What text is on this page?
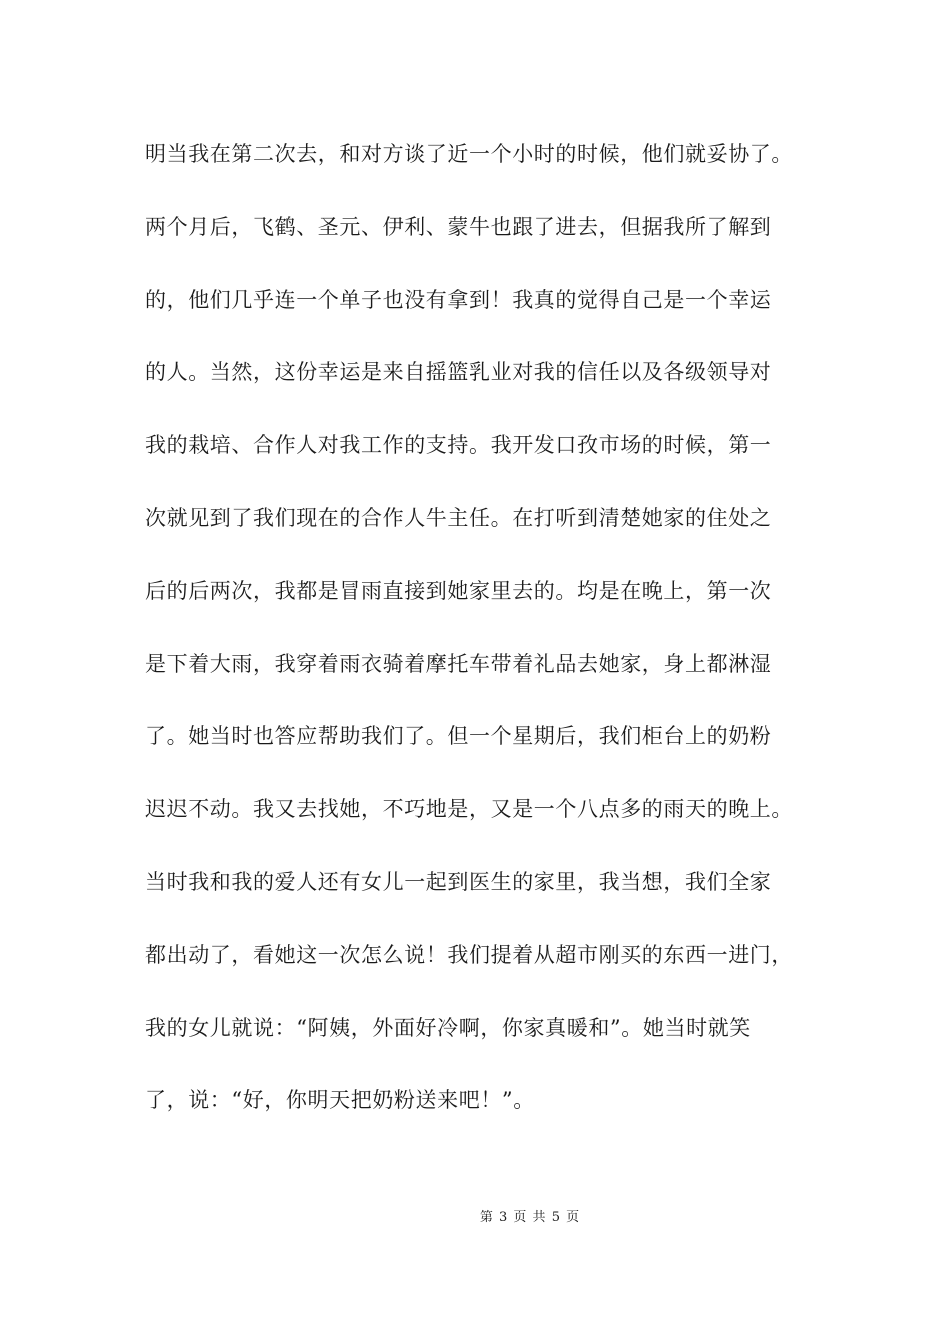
明当我在第二次去，和对方谈了近一个小时的时候，他们就妥协了。
两个月后，飞鹤、圣元、伊利、蒙牛也跟了进去，但据我所了解到
的，他们几乎连一个单子也没有拿到！我真的觉得自己是一个幸运
的人。当然，这份幸运是来自摇篮乳业对我的信任以及各级领导对
我的栽培、合作人对我工作的支持。我开发口孜市场的时候，第一
次就见到了我们现在的合作人牛主任。在打听到清楚她家的住处之
后的后两次，我都是冒雨直接到她家里去的。均是在晚上，第一次
是下着大雨，我穿着雨衣骑着摩托车带着礼品去她家，身上都淋湿
了。她当时也答应帮助我们了。但一个星期后，我们柜台上的奶粉
迟迟不动。我又去找她，不巧地是，又是一个八点多的雨天的晚上。
当时我和我的爱人还有女儿一起到医生的家里，我当想，我们全家
都出动了，看她这一次怎么说！我们提着从超市刚买的东西一进门，
我的女儿就说：“阿姨，外面好冷啊，你家真暖和”。她当时就笑
了，说：“好，你明天把奶粉送来吧！”。
第 3 页 共 5 页
